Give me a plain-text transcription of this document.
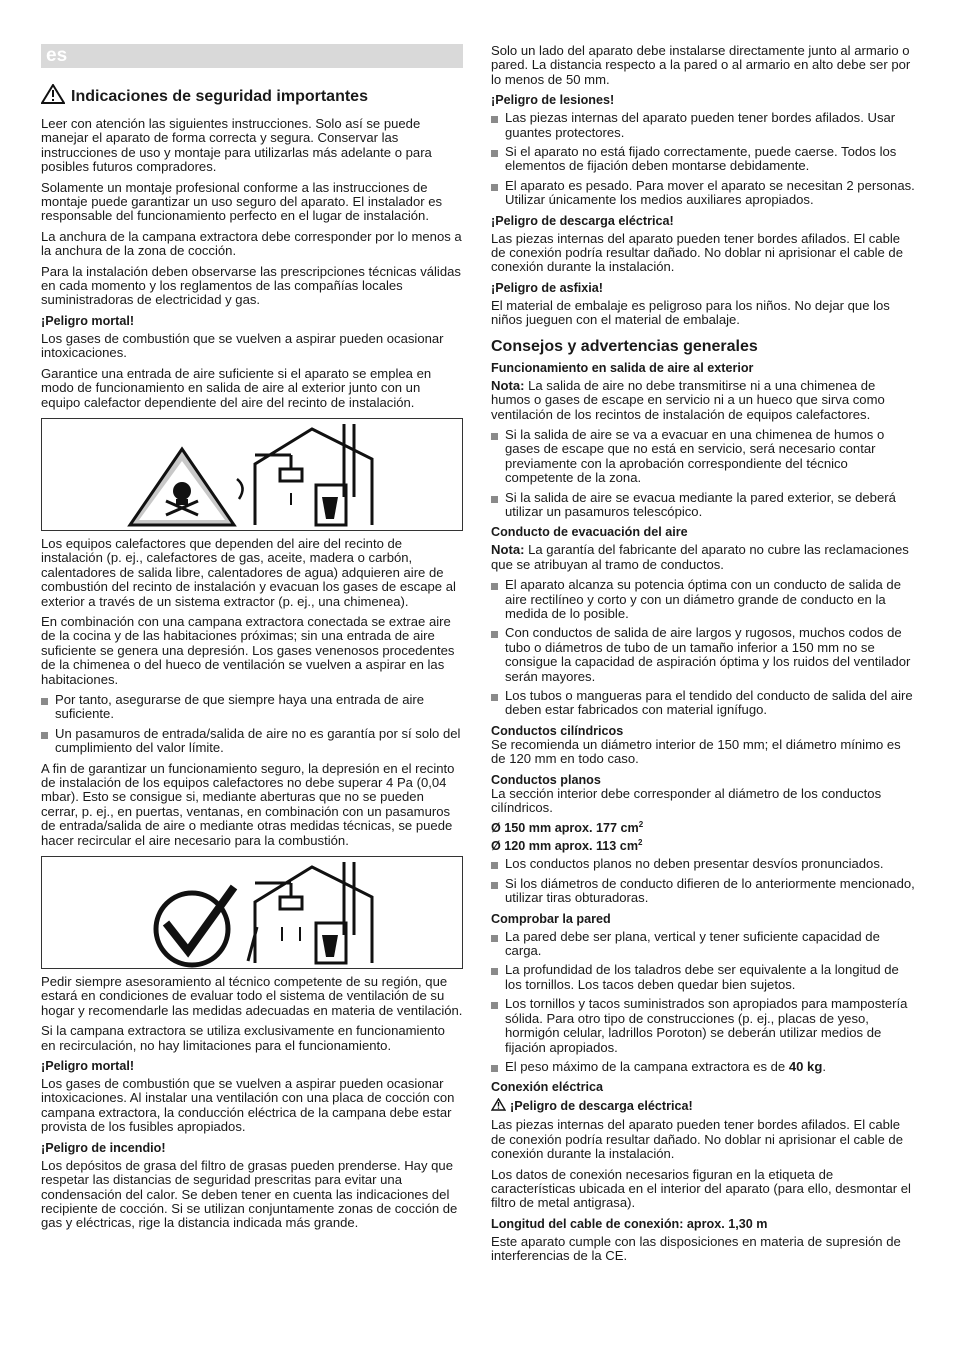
es
Indicaciones de seguridad importantes

Leer con atención las siguientes instrucciones. Solo así se puede manejar el aparato de forma correcta y segura. Conservar las instrucciones de uso y montaje para utilizarlas más adelante o para posibles futuros compradores.

Solamente un montaje profesional conforme a las instrucciones de montaje puede garantizar un uso seguro del aparato. El instalador es responsable del funcionamiento perfecto en el lugar de instalación.

La anchura de la campana extractora debe corresponder por lo menos a la anchura de la zona de cocción.

Para la instalación deben observarse las prescripciones técnicas válidas en cada momento y los reglamentos de las compañías locales suministradoras de electricidad y gas.

¡Peligro mortal!

Los gases de combustión que se vuelven a aspirar pueden ocasionar intoxicaciones.

Garantice una entrada de aire suficiente si el aparato se emplea en modo de funcionamiento en salida de aire al exterior junto con un equipo calefactor dependiente del aire del recinto de instalación.

Los equipos calefactores que dependen del aire del recinto de instalación (p. ej., calefactores de gas, aceite, madera o carbón, calentadores de salida libre, calentadores de agua) adquieren aire de combustión del recinto de instalación y evacuan los gases de escape al exterior a través de un sistema extractor (p. ej., una chimenea).

En combinación con una campana extractora conectada se extrae aire de la cocina y de las habitaciones próximas; sin una entrada de aire suficiente se genera una depresión. Los gases venenosos procedentes de la chimenea o del hueco de ventilación se vuelven a aspirar en las habitaciones.

Por tanto, asegurarse de que siempre haya una entrada de aire suficiente.
Un pasamuros de entrada/salida de aire no es garantía por sí solo del cumplimiento del valor límite.

A fin de garantizar un funcionamiento seguro, la depresión en el recinto de instalación de los equipos calefactores no debe superar 4 Pa (0,04 mbar). Esto se consigue si, mediante aberturas que no se pueden cerrar, p. ej., en puertas, ventanas, en combinación con un pasamuros de entrada/salida de aire o mediante otras medidas técnicas, se puede hacer recircular el aire necesario para la combustión.

Pedir siempre asesoramiento al técnico competente de su región, que estará en condiciones de evaluar todo el sistema de ventilación de su hogar y recomendarle las medidas adecuadas en materia de ventilación.

Si la campana extractora se utiliza exclusivamente en funcionamiento en recirculación, no hay limitaciones para el funcionamiento.

¡Peligro mortal!

Los gases de combustión que se vuelven a aspirar pueden ocasionar intoxicaciones. Al instalar una ventilación con una placa de cocción con campana extractora, la conducción eléctrica de la campana debe estar provista de los fusibles apropiados.

¡Peligro de incendio!

Los depósitos de grasa del filtro de grasas pueden prenderse. Hay que respetar las distancias de seguridad prescritas para evitar una condensación del calor. Se deben tener en cuenta las indicaciones del recipiente de cocción. Si se utilizan conjuntamente zonas de cocción de gas y eléctricas, rige la distancia indicada más grande.

Solo un lado del aparato debe instalarse directamente junto al armario o pared. La distancia respecto a la pared o al armario en alto debe ser por lo menos de 50 mm.

¡Peligro de lesiones!
Las piezas internas del aparato pueden tener bordes afilados. Usar guantes protectores.
Si el aparato no está fijado correctamente, puede caerse. Todos los elementos de fijación deben montarse debidamente.
El aparato es pesado. Para mover el aparato se necesitan 2 personas. Utilizar únicamente los medios auxiliares apropiados.
¡Peligro de descarga eléctrica!

Las piezas internas del aparato pueden tener bordes afilados. El cable de conexión podría resultar dañado. No doblar ni aprisionar el cable de conexión durante la instalación.

¡Peligro de asfixia!

El material de embalaje es peligroso para los niños. No dejar que los niños jueguen con el material de embalaje.

Consejos y advertencias generales
Funcionamiento en salida de aire al exterior

Nota: La salida de aire no debe transmitirse ni a una chimenea de humos o gases de escape en servicio ni a un hueco que sirva como ventilación de los recintos de instalación de equipos calefactores.

Si la salida de aire se va a evacuar en una chimenea de humos o gases de escape que no está en servicio, será necesario contar previamente con la aprobación correspondiente del técnico competente de la zona.
Si la salida de aire se evacua mediante la pared exterior, se deberá utilizar un pasamuros telescópico.
Conducto de evacuación del aire

Nota: La garantía del fabricante del aparato no cubre las reclamaciones que se atribuyan al tramo de conductos.

El aparato alcanza su potencia óptima con un conducto de salida de aire rectilíneo y corto y con un diámetro grande de conducto en la medida de lo posible.
Con conductos de salida de aire largos y rugosos, muchos codos de tubo o diámetros de tubo de un tamaño inferior a 150 mm no se consigue la capacidad de aspiración óptima y los ruidos del ventilador serán mayores.
Los tubos o mangueras para el tendido del conducto de salida del aire deben estar fabricados con material ignífugo.
Conductos cilíndricos

Se recomienda un diámetro interior de 150 mm; el diámetro mínimo es de 120 mm en todo caso.

Conductos planos

La sección interior debe corresponder al diámetro de los conductos cilíndricos.

Ø 150 mm aprox. 177 $cm^2$
Ø 120 mm aprox. 113 $cm^2$
Los conductos planos no deben presentar desvíos pronunciados.
Si los diámetros de conducto difieren de lo anteriormente mencionado, utilizar tiras obturadoras.
Comprobar la pared
La pared debe ser plana, vertical y tener suficiente capacidad de carga.
La profundidad de los taladros debe ser equivalente a la longitud de los tornillos. Los tacos deben quedar bien sujetos.
Los tornillos y tacos suministrados son apropiados para mampostería sólida. Para otro tipo de construcciones (p. ej., placas de yeso, hormigón celular, ladrillos Poroton) se deberán utilizar medios de fijación apropiados.
El peso máximo de la campana extractora es de 40 kg.
Conexión eléctrica
¡Peligro de descarga eléctrica!

Las piezas internas del aparato pueden tener bordes afilados. El cable de conexión podría resultar dañado. No doblar ni aprisionar el cable de conexión durante la instalación.

Los datos de conexión necesarios figuran en la etiqueta de características ubicada en el interior del aparato (para ello, desmontar el filtro de metal antigrasa).

Longitud del cable de conexión: aprox. 1,30 m

Este aparato cumple con las disposiciones en materia de supresión de interferencias de la CE.
